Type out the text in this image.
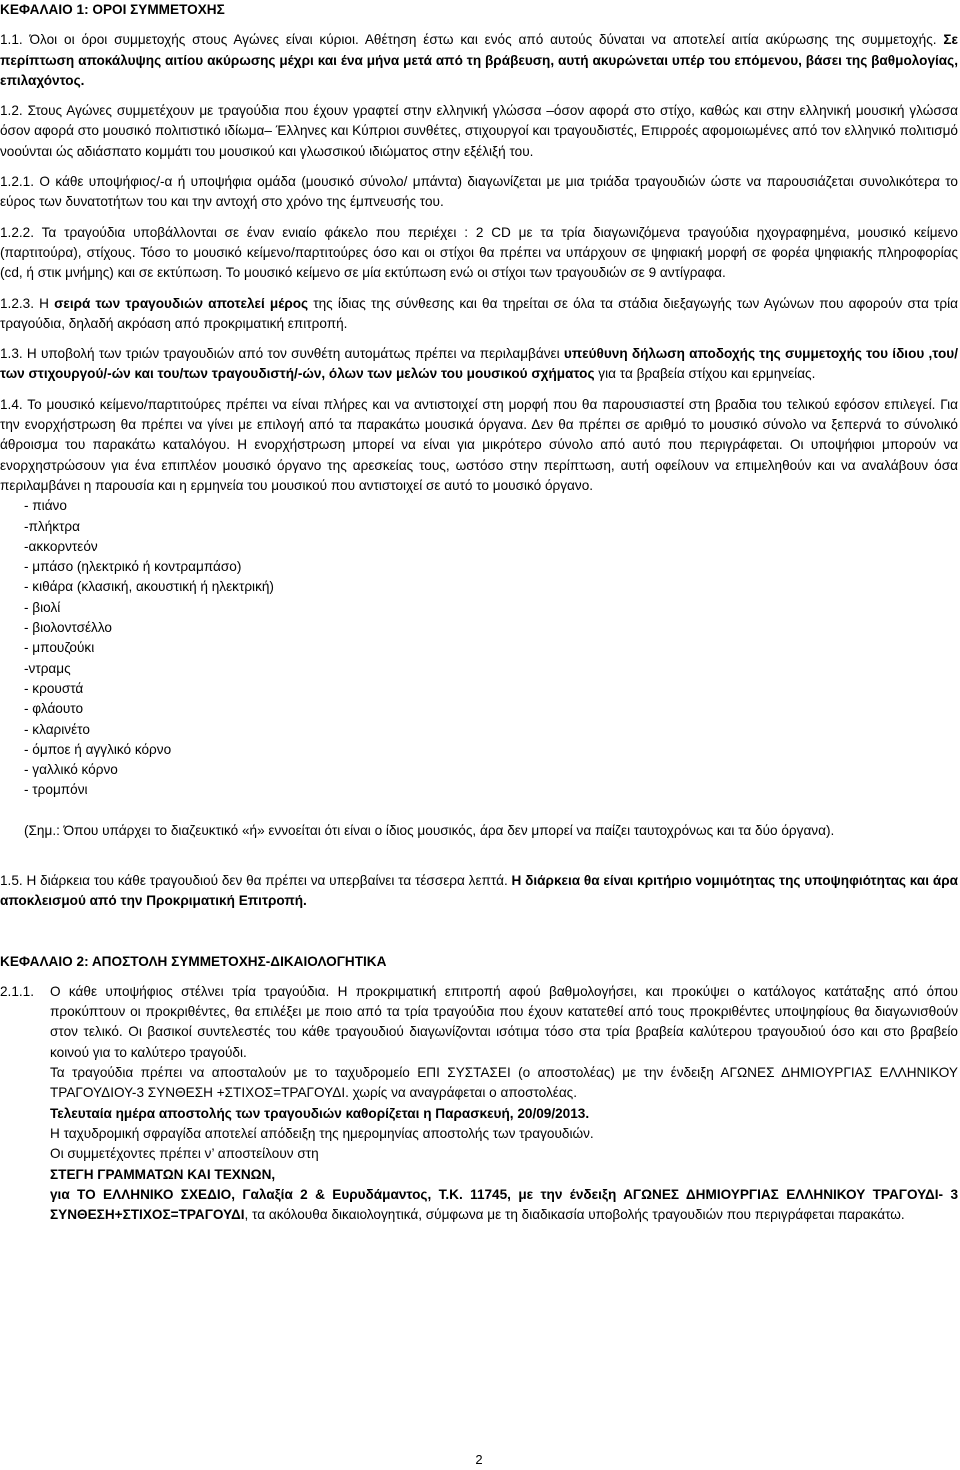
ΚΕΦΑΛΑΙΟ 1: ΟΡΟΙ ΣΥΜΜΕΤΟΧΗΣ

1.1. Όλοι οι όροι συμμετοχής στους Αγώνες είναι κύριοι. Αθέτηση έστω και ενός από αυτούς δύναται να αποτελεί αιτία ακύρωσης της συμμετοχής. Σε περίπτωση αποκάλυψης αιτίου ακύρωσης μέχρι και ένα μήνα μετά από τη βράβευση, αυτή ακυρώνεται υπέρ του επόμενου, βάσει της βαθμολογίας, επιλαχόντος.

1.2. Στους Αγώνες συμμετέχουν με τραγούδια που έχουν γραφτεί στην ελληνική γλώσσα –όσον αφορά στο στίχο, καθώς και στην ελληνική μουσική γλώσσα όσον αφορά στο μουσικό πολιτιστικό ιδίωμα– Έλληνες και Κύπριοι συνθέτες, στιχουργοί και τραγουδιστές, Επιρροές αφομοιωμένες από τον ελληνικό πολιτισμό νοούνται ώς αδιάσπατο κομμάτι του μουσικού και γλωσσικού ιδιώματος στην εξέλιξή του.

1.2.1. Ο κάθε υποψήφιος/-α ή υποψήφια ομάδα (μουσικό σύνολο/ μπάντα) διαγωνίζεται με μια τριάδα τραγουδιών ώστε να παρουσιάζεται συνολικότερα το εύρος των δυνατοτήτων του και την αντοχή στο χρόνο της έμπνευσής του.

1.2.2. Τα τραγούδια υποβάλλονται σε έναν ενιαίο φάκελο που περιέχει : 2 CD με τα τρία διαγωνιζόμενα τραγούδια ηχογραφημένα, μουσικό κείμενο (παρτιτούρα), στίχους. Τόσο το μουσικό κείμενο/παρτιτούρες όσο και οι στίχοι θα πρέπει να υπάρχουν σε ψηφιακή μορφή σε φορέα ψηφιακής πληροφορίας (cd, ή στικ μνήμης) και σε εκτύπωση. Το μουσικό κείμενο σε μία εκτύπωση ενώ οι στίχοι των τραγουδιών σε 9 αντίγραφα.

1.2.3. Η σειρά των τραγουδιών αποτελεί μέρος της ίδιας της σύνθεσης και θα τηρείται σε όλα τα στάδια διεξαγωγής των Αγώνων που αφορούν στα τρία τραγούδια, δηλαδή ακρόαση από προκριματική επιτροπή.

1.3. Η υποβολή των τριών τραγουδιών από τον συνθέτη αυτομάτως πρέπει να περιλαμβάνει υπεύθυνη δήλωση αποδοχής της συμμετοχής του ίδιου ,του/των στιχουργού/-ών και του/των τραγουδιστή/-ών, όλων των μελών του μουσικού σχήματος για τα βραβεία στίχου και ερμηνείας.

1.4. Το μουσικό κείμενο/παρτιτούρες πρέπει να είναι πλήρες και να αντιστοιχεί στη μορφή που θα παρουσιαστεί στη βραδια του τελικού εφόσον επιλεγεί. Για την ενορχήστρωση θα πρέπει να γίνει με επιλογή από τα παρακάτω μουσικά όργανα. Δεν θα πρέπει σε αριθμό το μουσικό σύνολο να ξεπερνά το σύνολικό άθροισμα του παρακάτω καταλόγου. Η ενορχήστρωση μπορεί να είναι για μικρότερο σύνολο από αυτό που περιγράφεται. Οι υποψήφιοι μπορούν να ενορχηστρώσουν για ένα επιπλέον μουσικό όργανο της αρεσκείας τους, ωστόσο στην περίπτωση, αυτή οφείλουν να επιμεληθούν και να αναλάβουν όσα περιλαμβάνει η παρουσία και η ερμηνεία του μουσικού που αντιστοιχεί σε αυτό το μουσικό όργανο.

- πιάνο
-πλήκτρα
-ακκορντεόν
- μπάσο (ηλεκτρικό ή κοντραμπάσο)
- κιθάρα (κλασική, ακουστική ή ηλεκτρική)
- βιολί
- βιολοντσέλλο
- μπουζούκι
-ντραμς
- κρουστά
- φλάουτο
- κλαρινέτο
- όμποε ή αγγλικό κόρνο
- γαλλικό κόρνο
- τρομπόνι
(Σημ.: Όπου υπάρχει το διαζευκτικό «ή» εννοείται ότι είναι ο ίδιος μουσικός, άρα δεν μπορεί να παίζει ταυτοχρόνως και τα δύο όργανα).

1.5. Η διάρκεια του κάθε τραγουδιού δεν θα πρέπει να υπερβαίνει τα τέσσερα λεπτά. Η διάρκεια θα είναι κριτήριο νομιμότητας της υποψηφιότητας και άρα αποκλεισμού από την Προκριματική Επιτροπή.

ΚΕΦΑΛΑΙΟ 2: ΑΠΟΣΤΟΛΗ ΣΥΜΜΕΤΟΧΗΣ-ΔΙΚΑΙΟΛΟΓΗΤΙΚΑ

2.1.1.	Ο κάθε υποψήφιος στέλνει τρία τραγούδια. Η προκριματική επιτροπή αφού βαθμολογήσει, και προκύψει ο κατάλογος κατάταξης από όπου προκύπτουν οι προκριθέντες, θα επιλέξει με ποιο από τα τρία τραγούδια που έχουν κατατεθεί από τους προκριθέντες υποψηφίους θα διαγωνισθούν στον τελικό. Οι βασικοί συντελεστές του κάθε τραγουδιού διαγωνίζονται ισότιμα τόσο στα τρία βραβεία καλύτερου τραγουδιού όσο και στο βραβείο κοινού για το καλύτερο τραγούδι.

Τα τραγούδια πρέπει να αποσταλούν με το ταχυδρομείο ΕΠΙ ΣΥΣΤΑΣΕΙ (ο αποστολέας) με την ένδειξη ΑΓΩΝΕΣ ΔΗΜΙΟΥΡΓΙΑΣ ΕΛΛΗΝΙΚΟΥ ΤΡΑΓΟΥΔΙΟΥ-3 ΣΥΝΘΕΣΗ +ΣΤΙΧΟΣ=ΤΡΑΓΟΥΔΙ. χωρίς να αναγράφεται ο αποστολέας.

Τελευταία ημέρα αποστολής των τραγουδιών καθορίζεται η Παρασκευή, 20/09/2013.

Η ταχυδρομική σφραγίδα αποτελεί απόδειξη της ημερομηνίας αποστολής των τραγουδιών.

Οι συμμετέχοντες πρέπει ν’ αποστείλουν στη

ΣΤΕΓΗ ΓΡΑΜΜΑΤΩΝ ΚΑΙ ΤΕΧΝΩΝ,

για ΤΟ ΕΛΛΗΝΙΚΟ ΣΧΕΔΙΟ, Γαλαξία 2 & Ευρυδάμαντος, Τ.Κ. 11745, με την ένδειξη ΑΓΩΝΕΣ ΔΗΜΙΟΥΡΓΙΑΣ ΕΛΛΗΝΙΚΟΥ ΤΡΑΓΟΥΔΙ- 3 ΣΥΝΘΕΣΗ+ΣΤΙΧΟΣ=ΤΡΑΓΟΥΔΙ, τα ακόλουθα δικαιολογητικά, σύμφωνα με τη διαδικασία υποβολής τραγουδιών που περιγράφεται παρακάτω.

2
